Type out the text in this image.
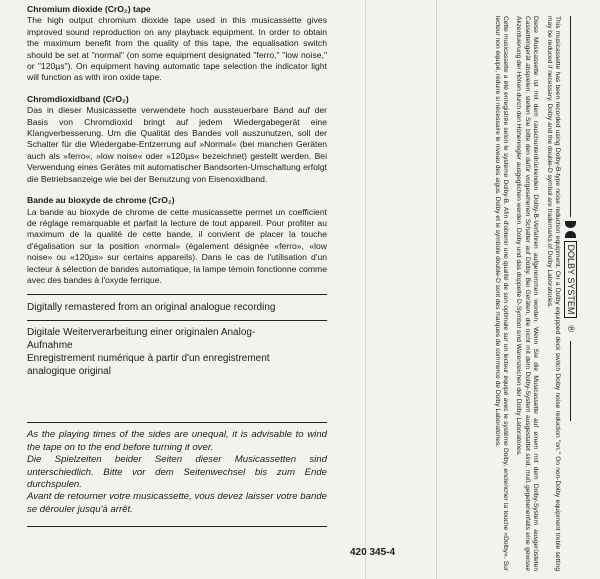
Chromium dioxide (CrO₂) tape

The high output chromium dioxide tape used in this musicassette gives improved sound reproduction on any playback equipment. In order to obtain the maximum benefit from the quality of this tape, the equalisation switch should be set at "normal" (on some equipment designated "ferro," "low noise," or "120µs"). On equipment having automatic tape selection the indicator light will function as with iron oxide tape.

Chromdioxidband (CrO₂)

Das in dieser Musicassette verwendete hoch aussteuerbare Band auf der Basis von Chromdioxid bringt auf jedem Wiedergabegerät eine Klangverbesserung. Um die Qualität des Bandes voll auszunutzen, soll der Schalter für die Wiedergabe-Entzerrung auf »Normal« (bei manchen Geräten auch als »ferro«, »low noise« oder »120µs« bezeichnet) gestellt werden. Bei Verwendung eines Gerätes mit automatischer Bandsorten-Umschaltung erfolgt die Betriebsanzeige wie bei der Benutzung von Eisenoxidband.

Bande au bioxyde de chrome (CrO₂)

La bande au bioxyde de chrome de cette musicassette permet un coefficient de réglage remarquable et parfait la lecture de tout appareil. Pour profiter au maximum de la qualité de cette bande, il convient de placer la touche d'égalisation sur la position «normal» (également désignée «ferro», «low noise» ou «120µs» sur certains appareils). Dans le cas de l'utilisation d'un lecteur à sélection de bandes automatique, la lampe témoin fonctionne comme avec des bandes à l'oxyde ferrique.

Digitally remastered from an original analogue recording

Digitale Weiterverarbeitung einer originalen Analog-Aufnahme

Enregistrement numérique à partir d'un enregistrement analogique original

As the playing times of the sides are unequal, it is advisable to wind the tape on to the end before turning it over.

Die Spielzeiten beider Seiten dieser Musicassetten sind unterschiedlich. Bitte vor dem Seitenwechsel bis zum Ende durchspulen.

Avant de retourner votre musicassette, vous devez laisser votre bande se dérouler jusqu'à arrêt.

420 345-4
DOLBY SYSTEM
®

This musicassette has been recorded using Dolby-B-type noise reduction equipment. On a Dolby equipped deck switch Dolby noise reduction "on." On non-Dolby equipment treble setting may be reduced if necessary. Dolby and the double-D symbol are trademarks of Dolby Laboratories.

Diese Musicassette ist mit dem rauschunterdrückenden Dolby-B-Verfahren aufgenommen worden. Wenn Sie die Musicassette auf einem mit dem Dolby-System ausgerüsteten Cassettengerät abspielen, stellen Sie bitte den dafür vorgesehenen Schalter auf Dolby. Bei Geräten, die nicht mit dem Dolby-System ausgestattet sind, muß gegebenenfalls eine gewisse Akzentuierung der Höhen durch den Höhenregler ausgeglichen werden. Dolby und das doppelte D-Symbol sind Warenzeichen der Dolby Laboratories.

Cette musicassette a été enregistrée selon le système Dolby-B. Afin d'obtenir une qualité de son optimale sur un lecteur équipé avec le système Dolby, enclencher la touche «Dolby». Sur lecteur non équipé, réduire si nécessaire le niveau des aigus. Dolby et le symbole double-D sont des marques de commerce de Dolby Laboratories.
